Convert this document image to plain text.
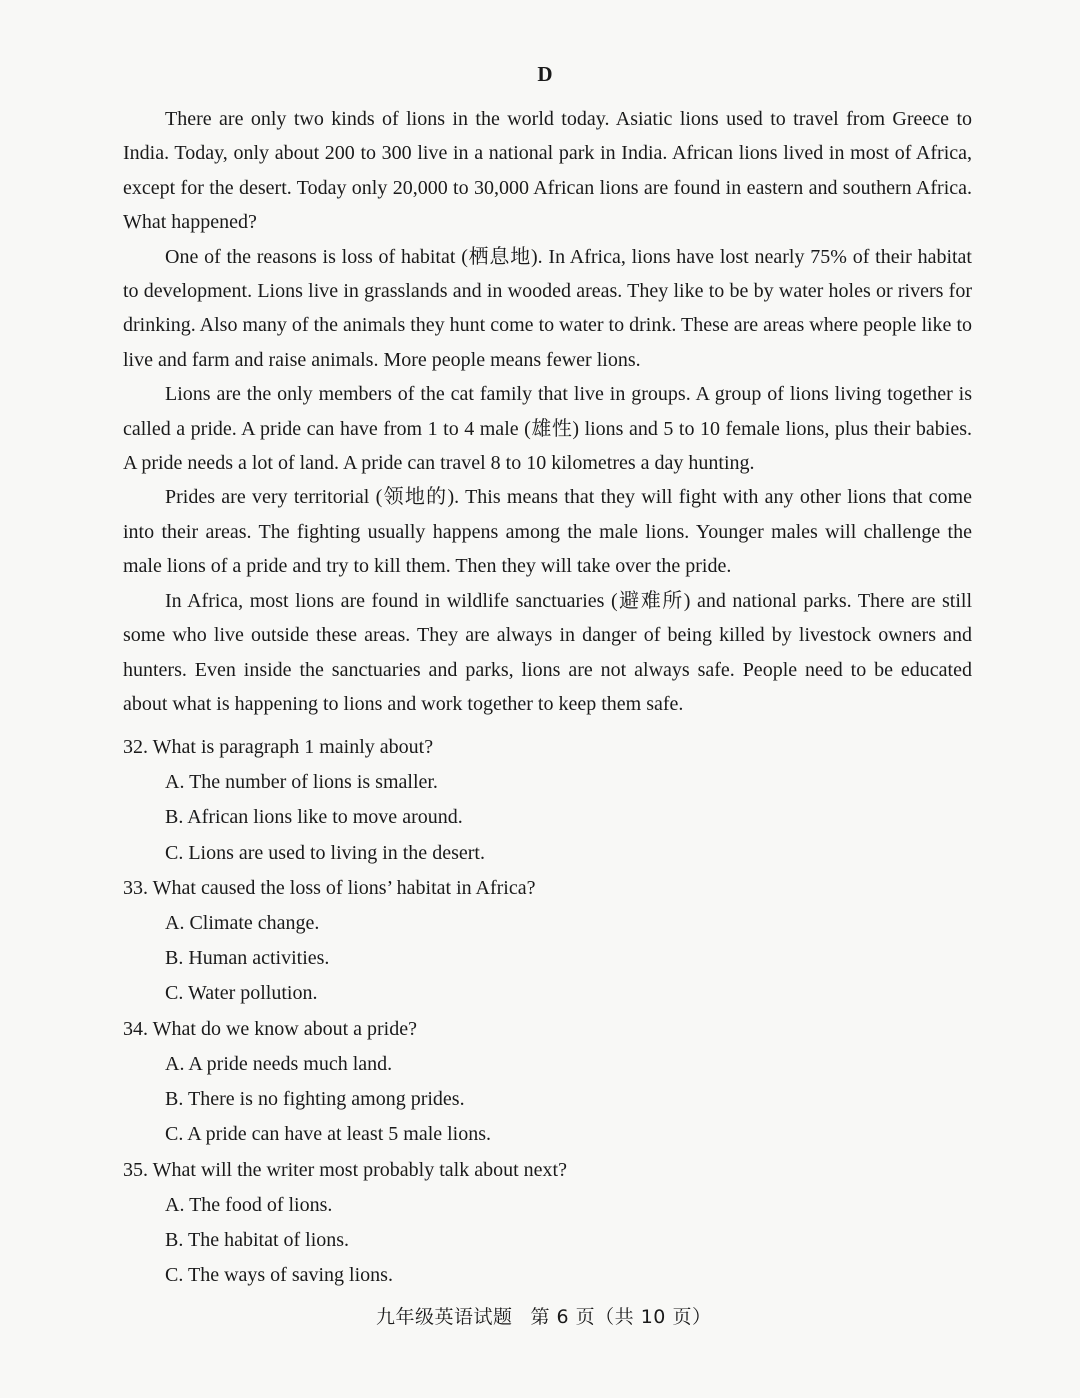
D

There are only two kinds of lions in the world today. Asiatic lions used to travel from Greece to India. Today, only about 200 to 300 live in a national park in India. African lions lived in most of Africa, except for the desert. Today only 20,000 to 30,000 African lions are found in eastern and southern Africa. What happened?

One of the reasons is loss of habitat (栖息地). In Africa, lions have lost nearly 75% of their habitat to development. Lions live in grasslands and in wooded areas. They like to be by water holes or rivers for drinking. Also many of the animals they hunt come to water to drink. These are areas where people like to live and farm and raise animals. More people means fewer lions.

Lions are the only members of the cat family that live in groups. A group of lions living together is called a pride. A pride can have from 1 to 4 male (雄性) lions and 5 to 10 female lions, plus their babies. A pride needs a lot of land. A pride can travel 8 to 10 kilometres a day hunting.

Prides are very territorial (领地的). This means that they will fight with any other lions that come into their areas. The fighting usually happens among the male lions. Younger males will challenge the male lions of a pride and try to kill them. Then they will take over the pride.

In Africa, most lions are found in wildlife sanctuaries (避难所) and national parks. There are still some who live outside these areas. They are always in danger of being killed by livestock owners and hunters. Even inside the sanctuaries and parks, lions are not always safe. People need to be educated about what is happening to lions and work together to keep them safe.

32. What is paragraph 1 mainly about?
A. The number of lions is smaller.
B. African lions like to move around.
C. Lions are used to living in the desert.
33. What caused the loss of lions’ habitat in Africa?
A. Climate change.
B. Human activities.
C. Water pollution.
34. What do we know about a pride?
A. A pride needs much land.
B. There is no fighting among prides.
C. A pride can have at least 5 male lions.
35. What will the writer most probably talk about next?
A. The food of lions.
B. The habitat of lions.
C. The ways of saving lions.
九年级英语试题 第 6 页（共 10 页）
